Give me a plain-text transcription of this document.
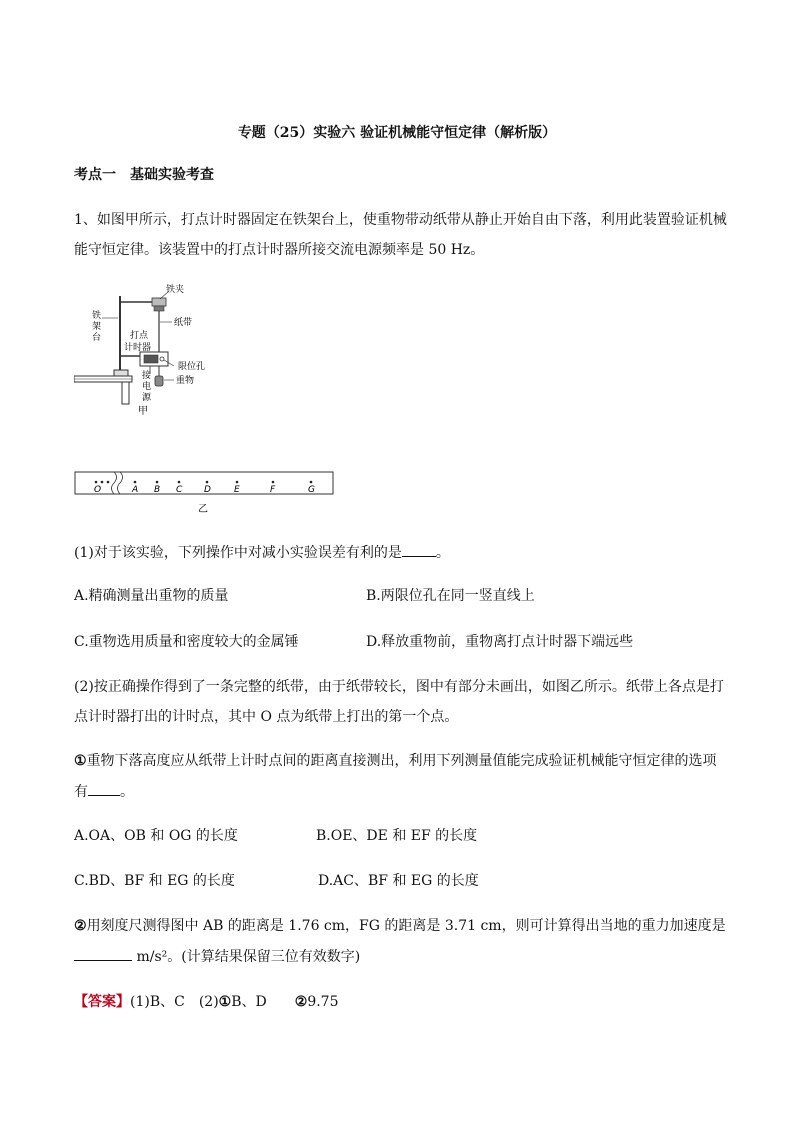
专题（25）实验六 验证机械能守恒定律（解析版）
考点一　基础实验考查
1、如图甲所示，打点计时器固定在铁架台上，使重物带动纸带从静止开始自由下落，利用此装置验证机械
能守恒定律。该装置中的打点计时器所接交流电源频率是 50 Hz。
铁夹
纸带
限位孔
重物
打点
计时器
铁
架
台
接
电
源
甲
O	A B C D	E	F	G
乙
(1)对于该实验，下列操作中对减小实验误差有利的是 。
A.精确测量出重物的质量	B.两限位孔在同一竖直线上
C.重物选用质量和密度较大的金属锤	D.释放重物前，重物离打点计时器下端远些
(2)按正确操作得到了一条完整的纸带，由于纸带较长，图中有部分未画出，如图乙所示。纸带上各点是打
点计时器打出的计时点，其中 O 点为纸带上打出的第一个点。
①重物下落高度应从纸带上计时点间的距离直接测出，利用下列测量值能完成验证机械能守恒定律的选项
有 。
A.OA、OB 和 OG 的长度	B.OE、DE 和 EF 的长度
C.BD、BF 和 EG 的长度	D.AC、BF 和 EG 的长度
②用刻度尺测得图中 AB 的距离是 1.76 cm，FG 的距离是 3.71 cm，则可计算得出当地的重力加速度是
m/s²。(计算结果保留三位有效数字)
【答案】(1)B、C　(2)①B、D　　②9.75
